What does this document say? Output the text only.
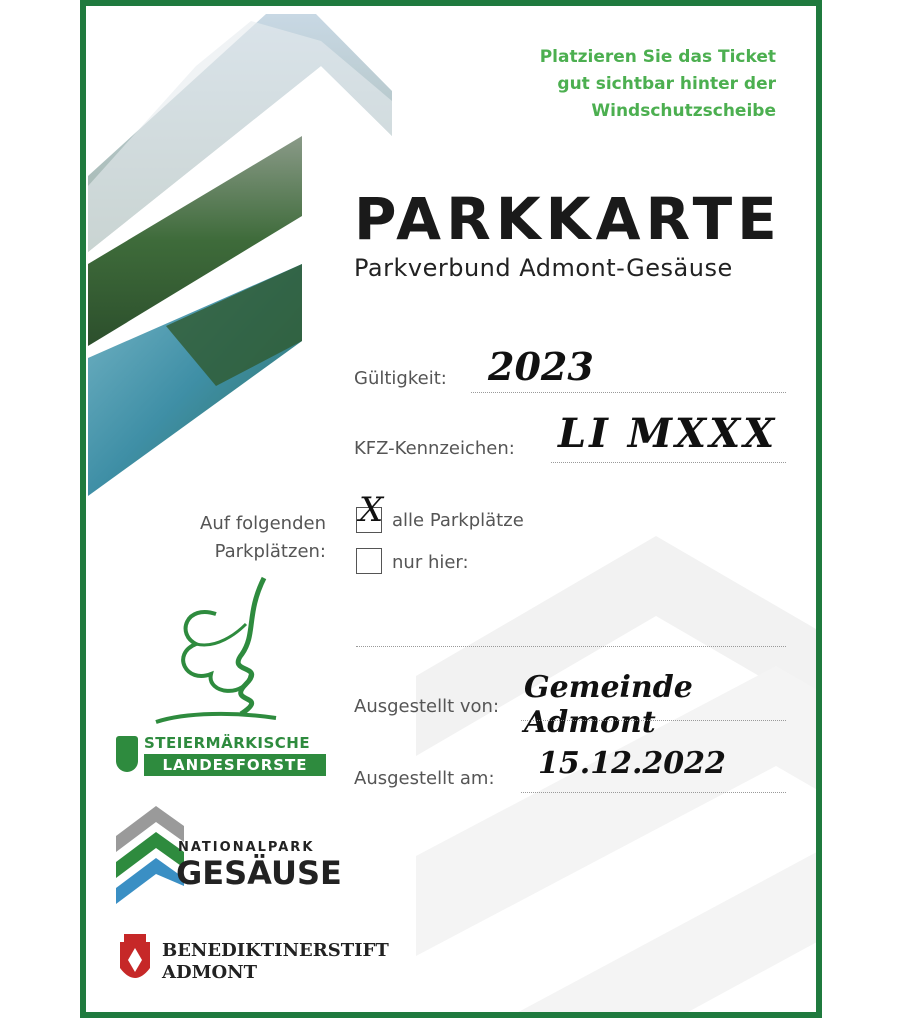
Platzieren Sie das Ticket
gut sichtbar hinter der
Windschutzscheibe
PARKKARTE
Parkverbund Admont-Gesäuse
Gültigkeit: 2023
KFZ-Kennzeichen: LI MXXX
Auf folgenden
Parkplätzen:
X alle Parkplätze
nur hier:
Ausgestellt von:
Gemeinde Admont
Ausgestellt am: 15.12.2022
STEIERMÄRKISCHE
LANDESFORSTE
NATIONALPARK
GESÄUSE
BENEDIKTINERSTIFT
ADMONT
